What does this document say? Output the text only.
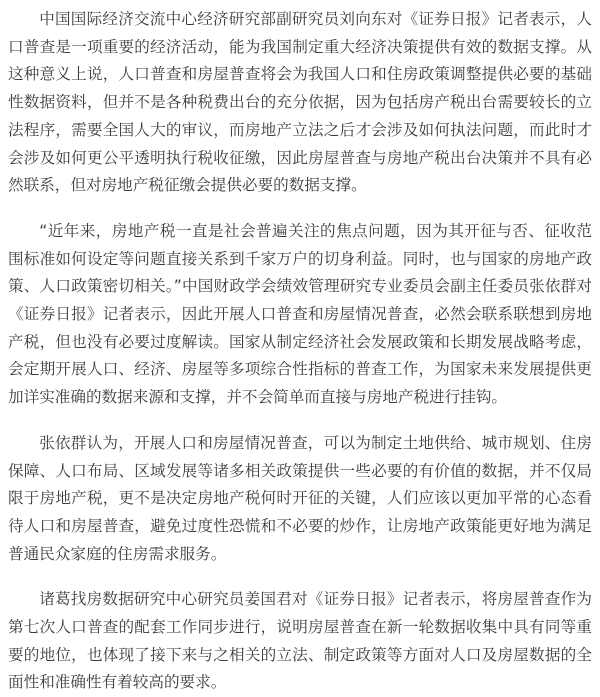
中国国际经济交流中心经济研究部副研究员刘向东对《证券日报》记者表示，人口普查是一项重要的经济活动，能为我国制定重大经济决策提供有效的数据支撑。从这种意义上说，人口普查和房屋普查将会为我国人口和住房政策调整提供必要的基础性数据资料，但并不是各种税费出台的充分依据，因为包括房产税出台需要较长的立法程序，需要全国人大的审议，而房地产立法之后才会涉及如何执法问题，而此时才会涉及如何更公平透明执行税收征缴，因此房屋普查与房地产税出台决策并不具有必然联系，但对房地产税征缴会提供必要的数据支撑。

“近年来，房地产税一直是社会普遍关注的焦点问题，因为其开征与否、征收范围标准如何设定等问题直接关系到千家万户的切身利益。同时，也与国家的房地产政策、人口政策密切相关。”中国财政学会绩效管理研究专业委员会副主任委员张依群对《证券日报》记者表示，因此开展人口普查和房屋情况普查，必然会联系联想到房地产税，但也没有必要过度解读。国家从制定经济社会发展政策和长期发展战略考虑，会定期开展人口、经济、房屋等多项综合性指标的普查工作，为国家未来发展提供更加详实准确的数据来源和支撑，并不会简单而直接与房地产税进行挂钩。

张依群认为，开展人口和房屋情况普查，可以为制定土地供给、城市规划、住房保障、人口布局、区域发展等诸多相关政策提供一些必要的有价值的数据，并不仅局限于房地产税，更不是决定房地产税何时开征的关键，人们应该以更加平常的心态看待人口和房屋普查，避免过度性恐慌和不必要的炒作，让房地产政策能更好地为满足普通民众家庭的住房需求服务。

诸葛找房数据研究中心研究员姜国君对《证券日报》记者表示，将房屋普查作为第七次人口普查的配套工作同步进行，说明房屋普查在新一轮数据收集中具有同等重要的地位，也体现了接下来与之相关的立法、制定政策等方面对人口及房屋数据的全面性和准确性有着较高的要求。
